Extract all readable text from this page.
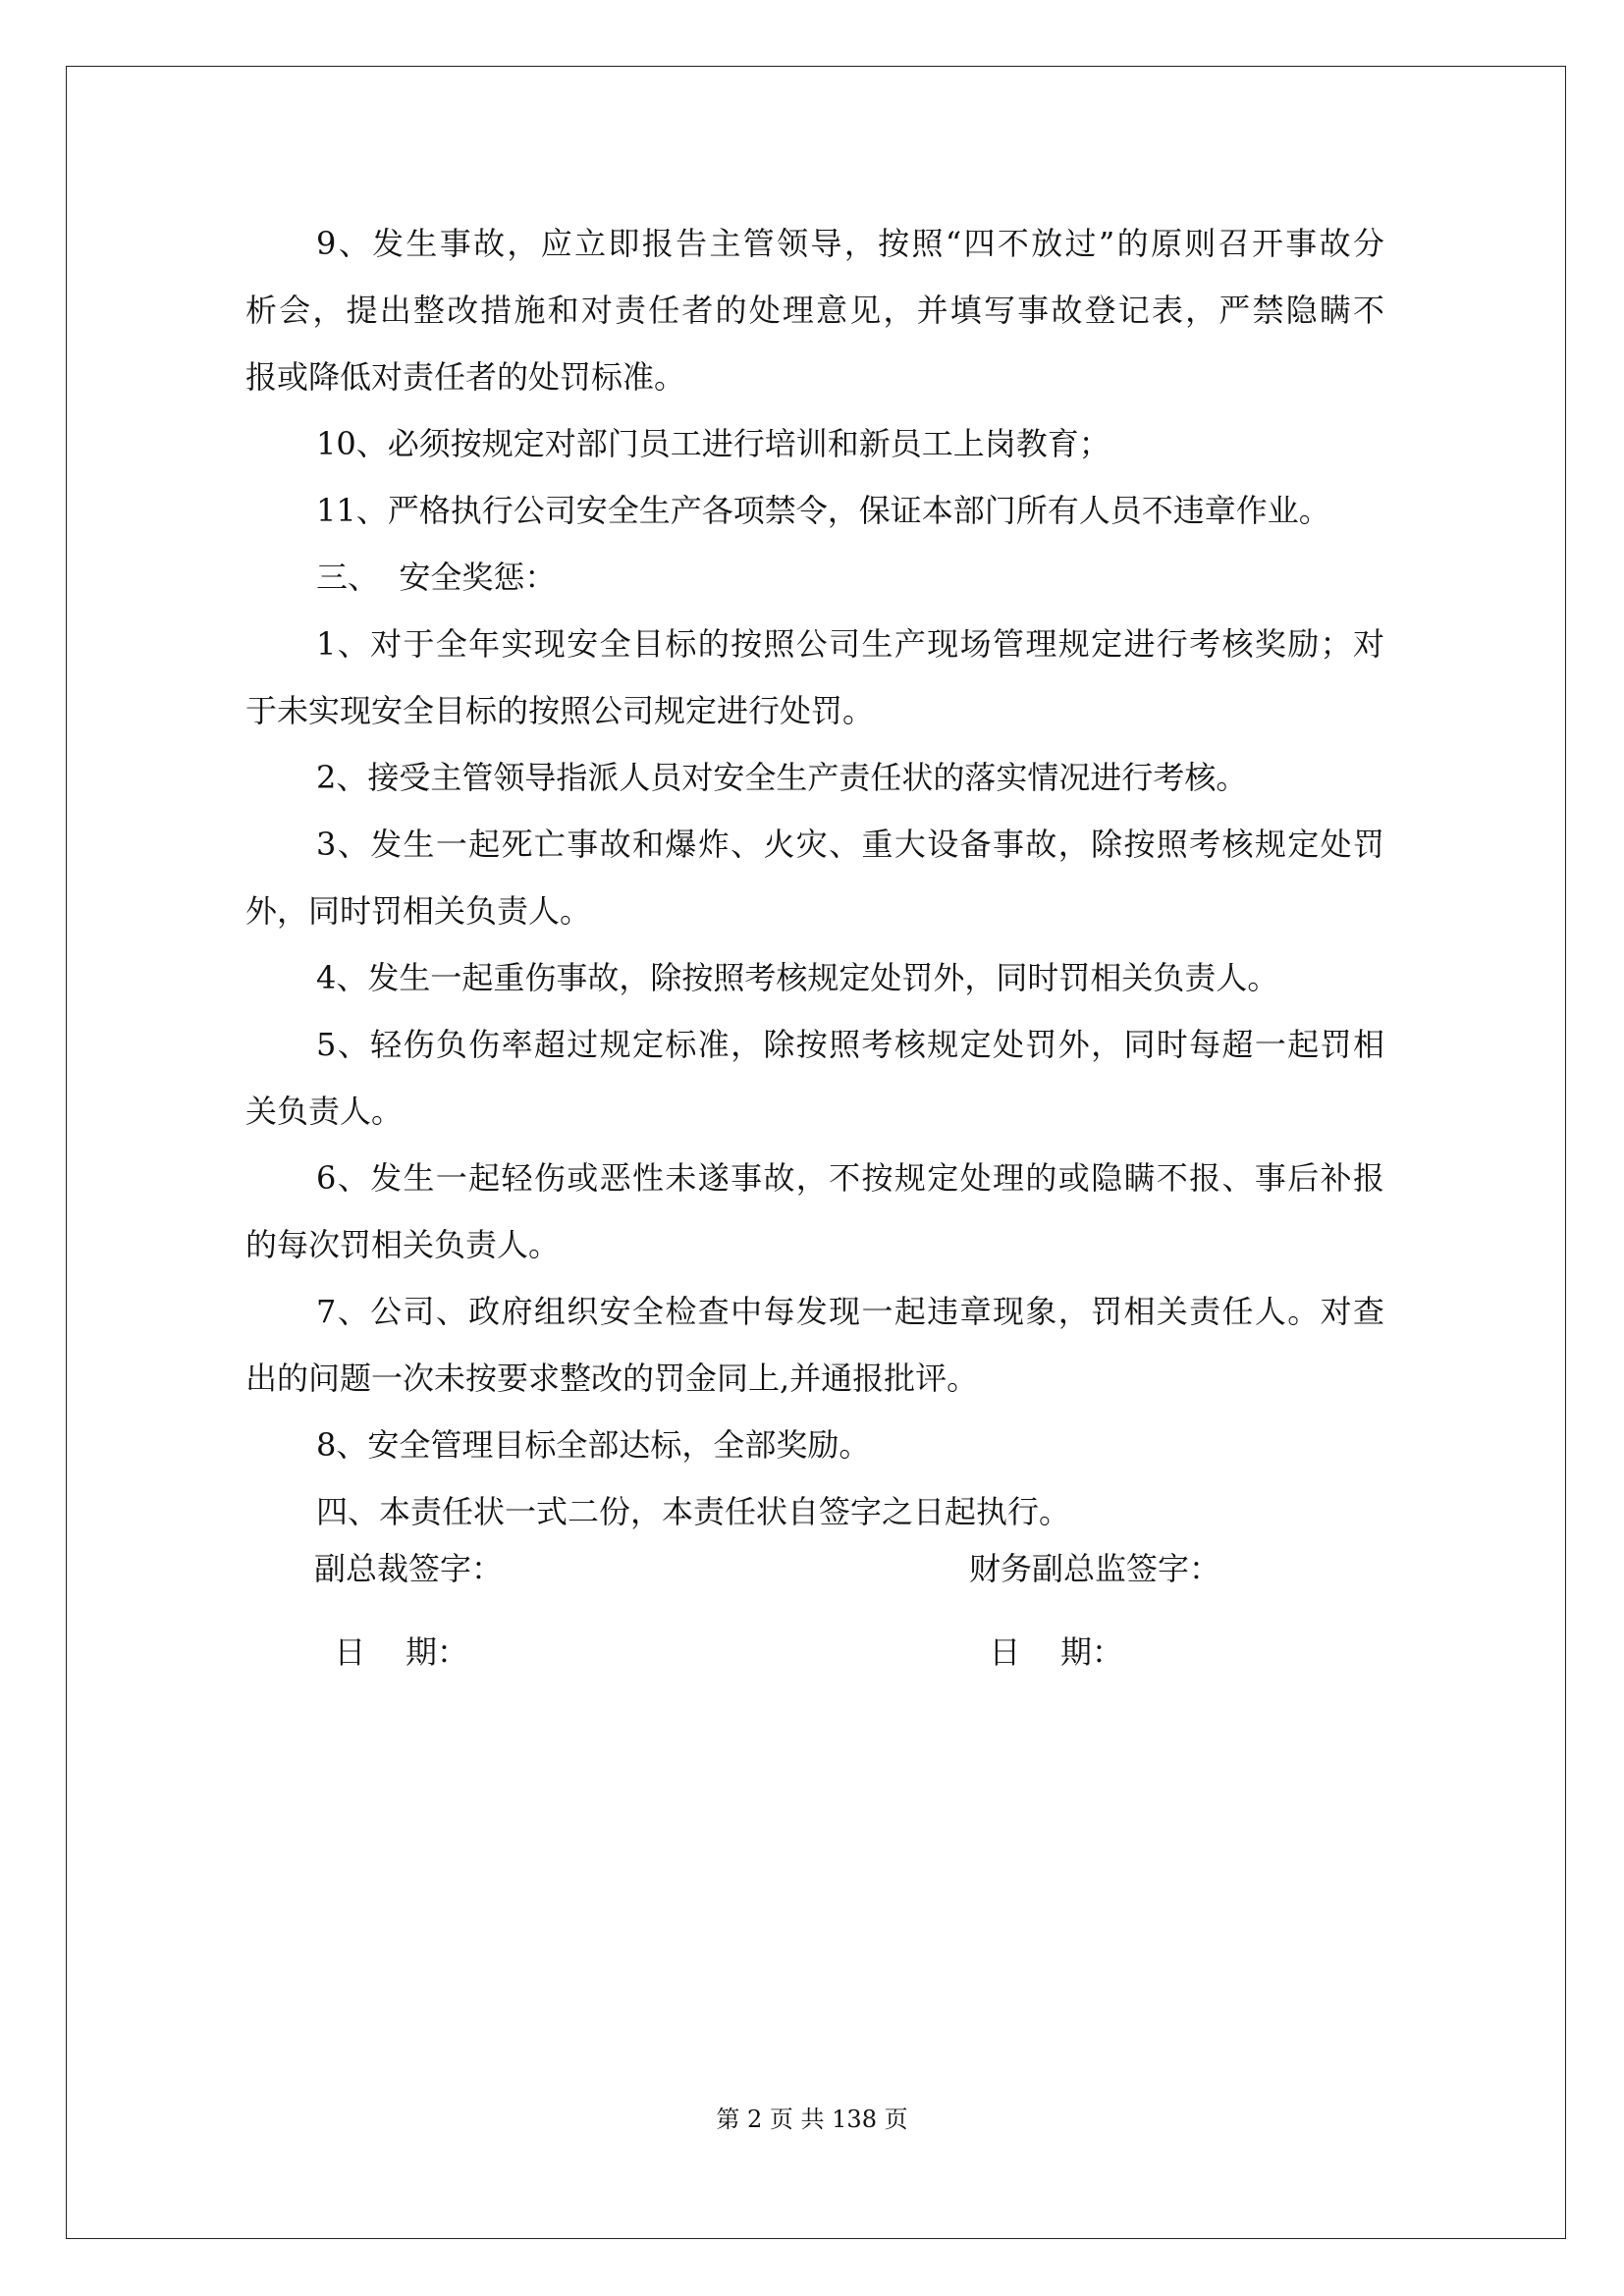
9、发生事故，应立即报告主管领导，按照“四不放过”的原则召开事故分
析会，提出整改措施和对责任者的处理意见，并填写事故登记表，严禁隐瞒不
报或降低对责任者的处罚标准。
10、必须按规定对部门员工进行培训和新员工上岗教育；
11、严格执行公司安全生产各项禁令，保证本部门所有人员不违章作业。
三、  安全奖惩：
1、对于全年实现安全目标的按照公司生产现场管理规定进行考核奖励；对
于未实现安全目标的按照公司规定进行处罚。
2、接受主管领导指派人员对安全生产责任状的落实情况进行考核。
3、发生一起死亡事故和爆炸、火灾、重大设备事故，除按照考核规定处罚
外，同时罚相关负责人。
4、发生一起重伤事故，除按照考核规定处罚外，同时罚相关负责人。
5、轻伤负伤率超过规定标准，除按照考核规定处罚外，同时每超一起罚相
关负责人。
6、发生一起轻伤或恶性未遂事故，不按规定处理的或隐瞒不报、事后补报
的每次罚相关负责人。
7、公司、政府组织安全检查中每发现一起违章现象，罚相关责任人。对查
出的问题一次未按要求整改的罚金同上,并通报批评。
8、安全管理目标全部达标，全部奖励。
四、本责任状一式二份，本责任状自签字之日起执行。
副总裁签字：
日    期：
财务副总监签字：
日    期：
第 2 页 共 138 页
